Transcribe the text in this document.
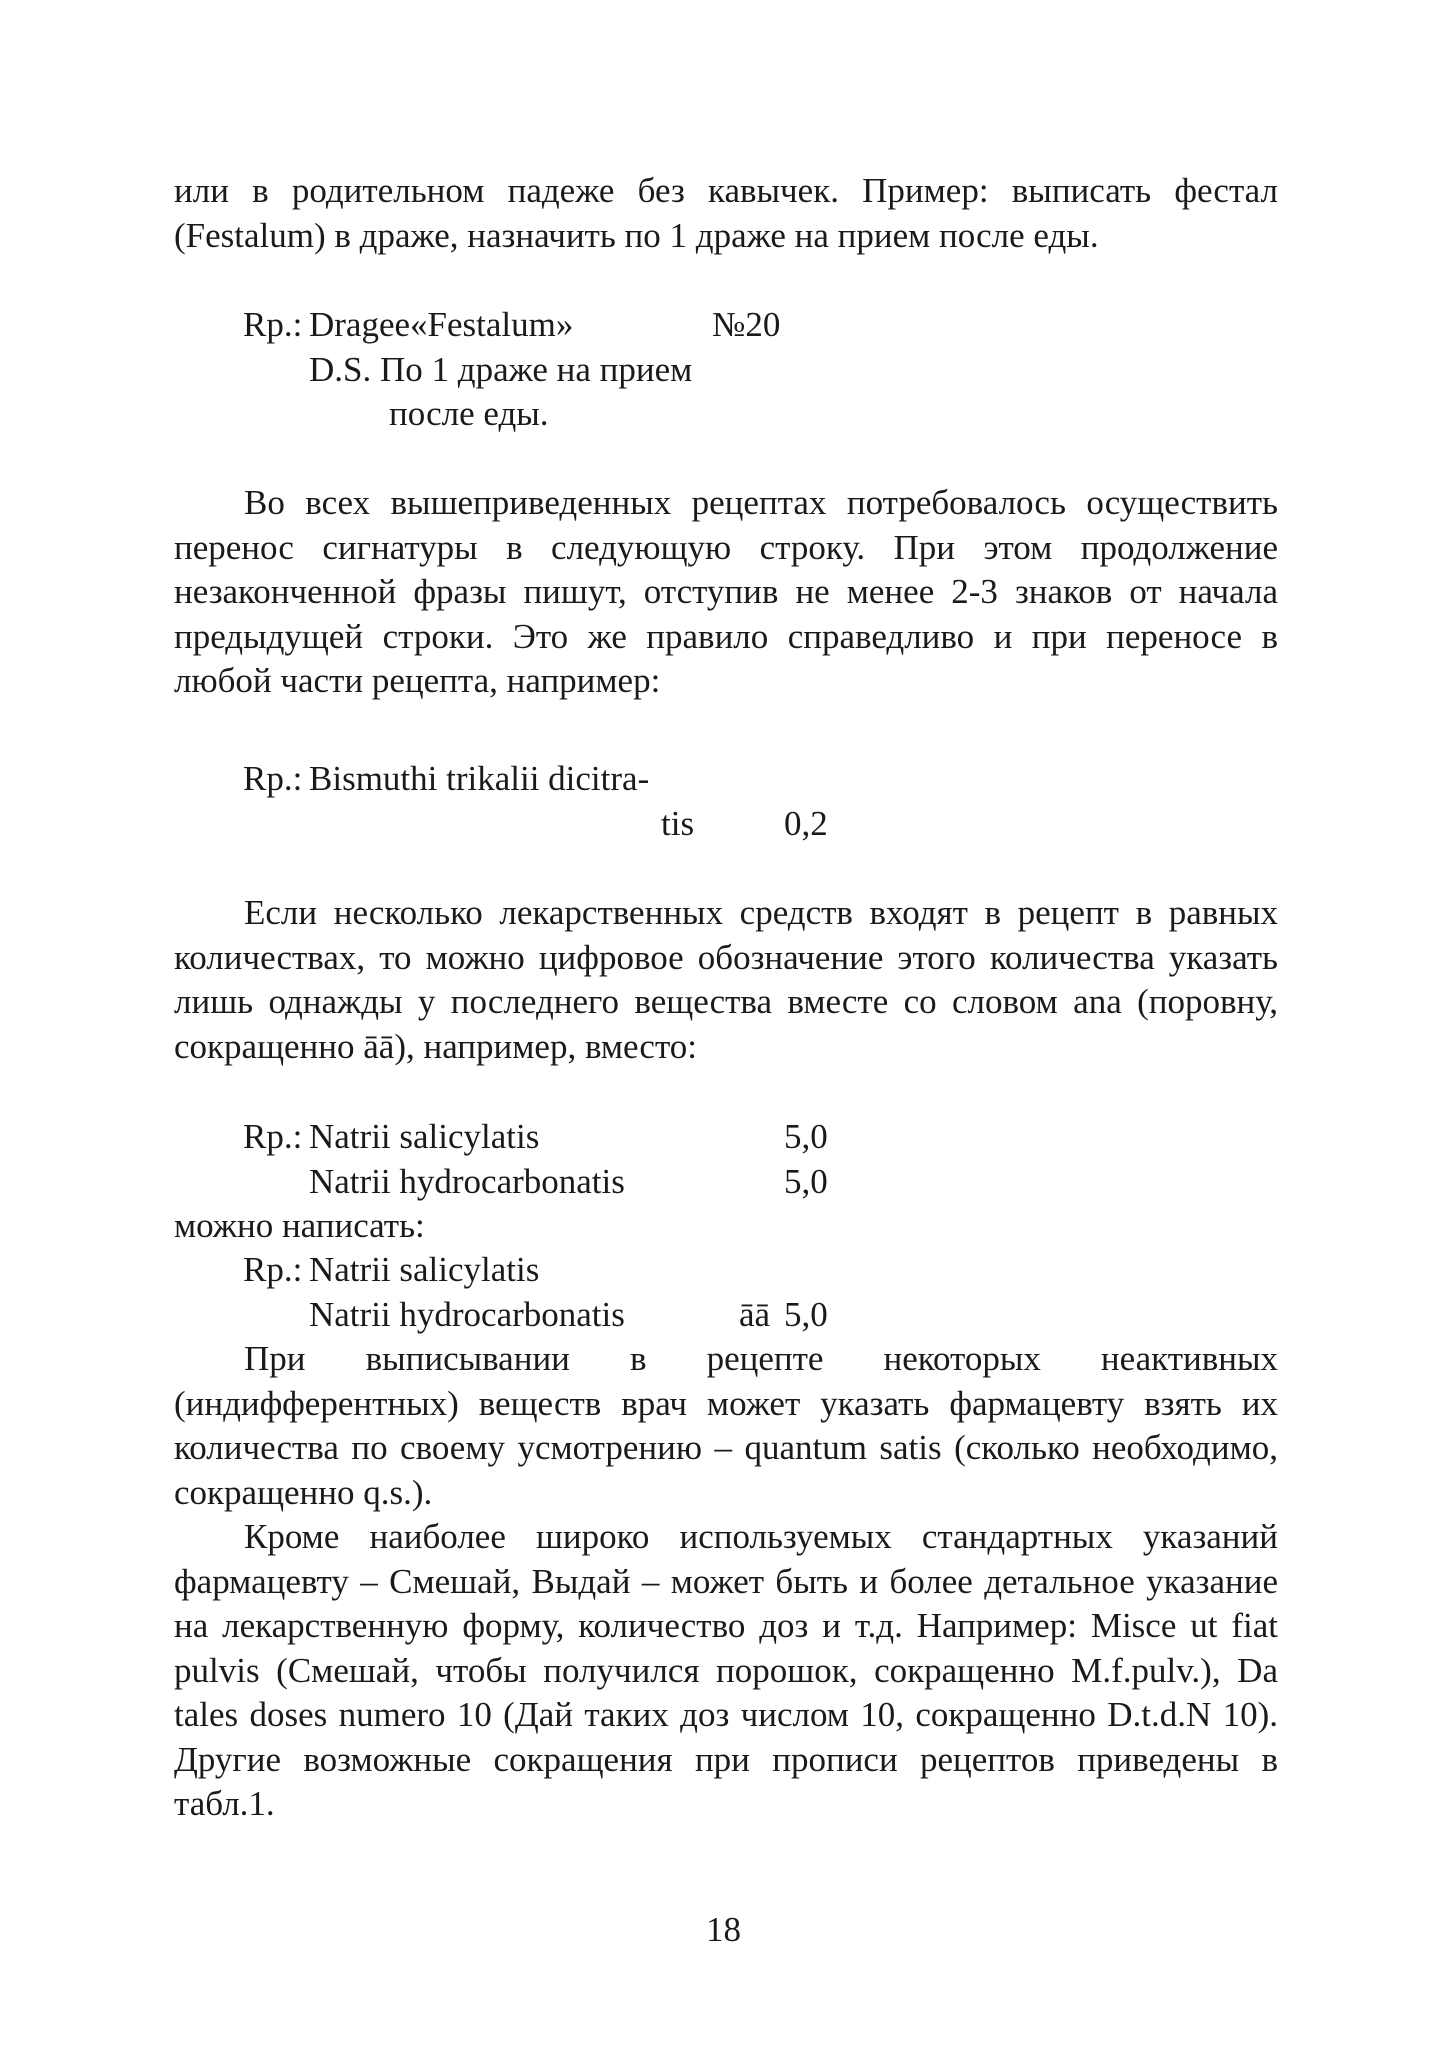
или в родительном падеже без кавычек. Пример: выписать фестал (Festalum) в драже, назначить по 1 драже на прием после еды.

Rp.: Dragee«Festalum»	№20
D.S. По 1 драже на прием
после еды.

Во всех вышеприведенных рецептах потребовалось осуществить перенос сигнатуры в следующую строку. При этом продолжение незаконченной фразы пишут, отступив не менее 2-3 знаков от начала предыдущей строки. Это же правило справедливо и при переносе в любой части рецепта, например:

Rp.: Bismuthi trikalii dicitra-
tis	0,2

Если несколько лекарственных средств входят в рецепт в равных количествах, то можно цифровое обозначение этого количества указать лишь однажды у последнего вещества вместе со словом ana (поровну, сокращенно āā), например, вместо:

Rp.: Natrii salicylatis	5,0
Natrii hydrocarbonatis	5,0

можно написать:

Rp.: Natrii salicylatis
Natrii hydrocarbonatis	āā 5,0

При выписывании в рецепте некоторых неактивных (индифферентных) веществ врач может указать фармацевту взять их количества по своему усмотрению – quantum satis (сколько необходимо, сокращенно q.s.).

Кроме наиболее широко используемых стандартных указаний фармацевту – Смешай, Выдай – может быть и более детальное указание на лекарственную форму, количество доз и т.д. Например: Misce ut fiat pulvis (Смешай, чтобы получился порошок, сокращенно M.f.pulv.), Da tales doses numero 10 (Дай таких доз числом 10, сокращенно D.t.d.N 10). Другие возможные сокращения при прописи рецептов приведены в табл.1.

18
